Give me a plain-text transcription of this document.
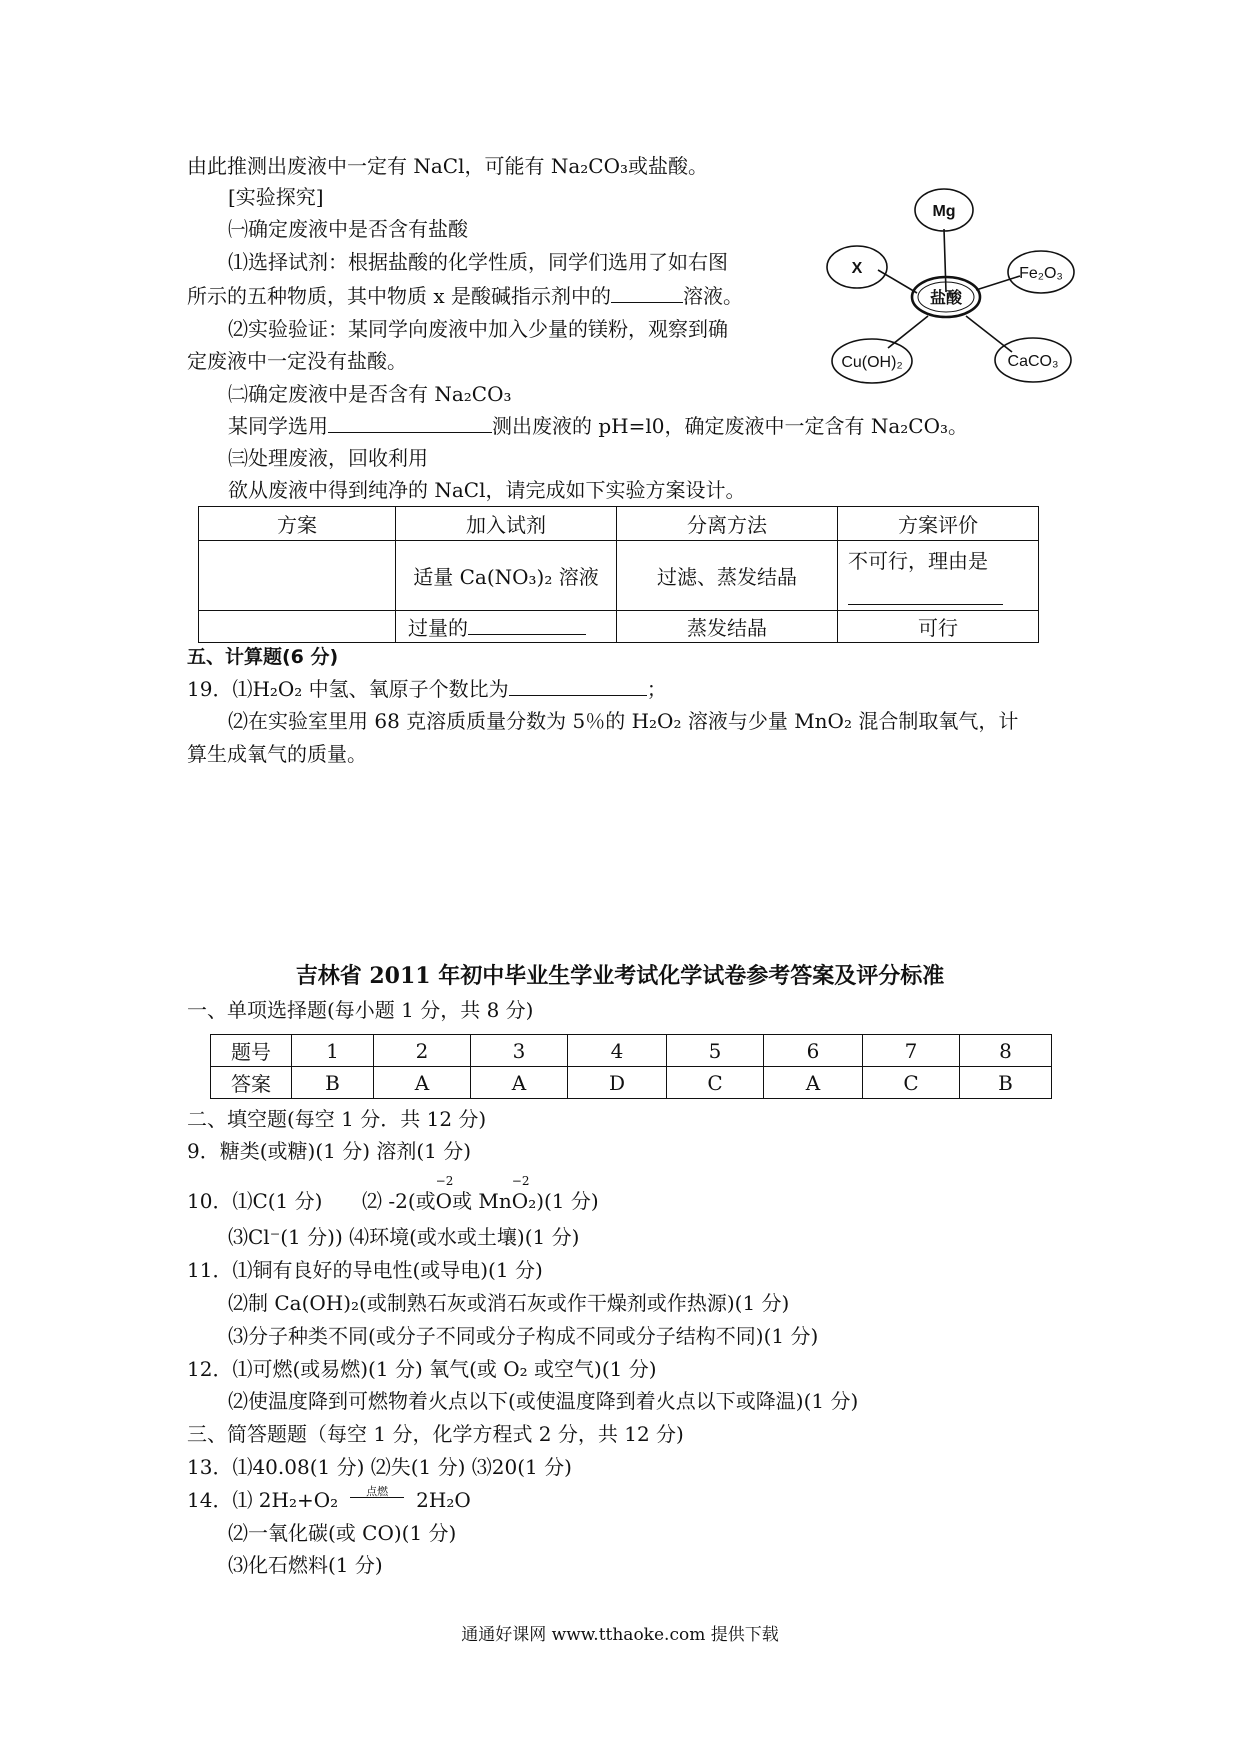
由此推测出废液中一定有 NaCl，可能有 Na₂CO₃或盐酸。
[实验探究]
㈠确定废液中是否含有盐酸
⑴选择试剂：根据盐酸的化学性质，同学们选用了如右图
所示的五种物质，其中物质 x 是酸碱指示剂中的	溶液。
⑵实验验证：某同学向废液中加入少量的镁粉，观察到确
定废液中一定没有盐酸。
㈡确定废液中是否含有 Na₂CO₃
某同学选用	测出废液的 pH=l0，确定废液中一定含有 Na₂CO₃。
㈢处理废液，回收利用
欲从废液中得到纯净的 NaCl，请完成如下实验方案设计。
Mg
X	Fe₂O₃
Cu(OH)₂	CaCO₃
盐酸
方案	加入试剂	分离方法	方案评价
	适量 Ca(NO₃)₂ 溶液	过滤、蒸发结晶	不可行，理由是

	过量的	蒸发结晶	可行
五、计算题(6 分)
19．⑴H₂O₂ 中氢、氧原子个数比为	；
⑵在实验室里用 68 克溶质质量分数为 5％的 H₂O₂ 溶液与少量 MnO₂ 混合制取氧气，计
算生成氧气的质量。
吉林省 2011 年初中毕业生学业考试化学试卷参考答案及评分标准
一、单项选择题(每小题 1 分，共 8 分)
题号	1	2	3	4	5	6	7	8
答案	B	A	A	D	C	A	C	B
二、填空题(每空 1 分．共 12 分)
9．糖类(或糖)(1 分) 溶剂(1 分)
10．⑴C(1 分) ⑵ -2(或
−2
O或 Mn
−2
O₂)(1 分)
⑶Cl⁻(1 分)) ⑷环境(或水或土壤)(1 分)
11．⑴铜有良好的导电性(或导电)(1 分)
⑵制 Ca(OH)₂(或制熟石灰或消石灰或作干燥剂或作热源)(1 分)
⑶分子种类不同(或分子不同或分子构成不同或分子结构不同)(1 分)
12．⑴可燃(或易燃)(1 分) 氧气(或 O₂ 或空气)(1 分)
⑵使温度降到可燃物着火点以下(或使温度降到着火点以下或降温)(1 分)
三、简答题题（每空 1 分，化学方程式 2 分，共 12 分)
13．⑴40.08(1 分) ⑵失(1 分) ⑶20(1 分)
14．⑴ 2H₂+O₂	点燃	2H₂O
⑵一氧化碳(或 CO)(1 分)
⑶化石燃料(1 分)
通通好课网 www.tthaoke.com 提供下载
